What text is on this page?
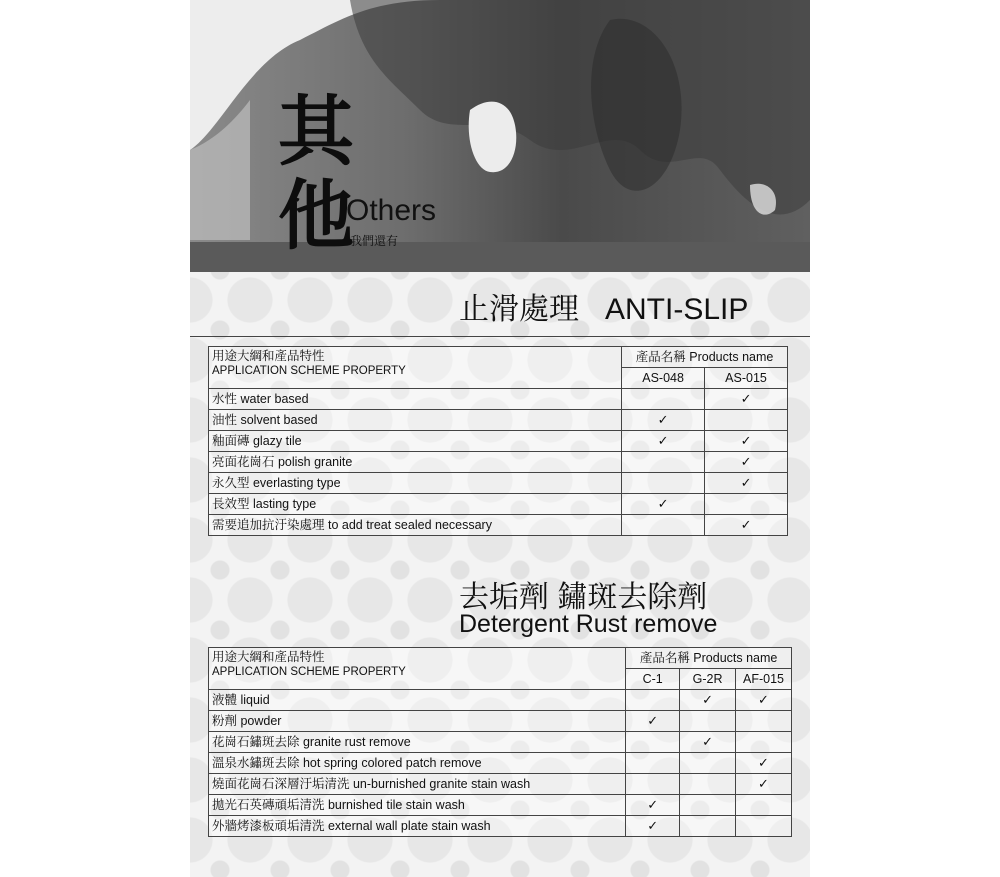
其
他
Others
我們還有
止滑處理 ANTI-SLIP
用途大綱和產品特性
APPLICATION SCHEME PROPERTY	產品名稱 Products name	
	AS-048	AS-015
水性 water based		✓
油性 solvent based	✓	
釉面磚 glazy tile	✓	✓
亮面花崗石 polish granite		✓
永久型 everlasting type		✓
長效型 lasting type	✓	
需要追加抗汙染處理 to add treat sealed necessary		✓
去垢劑 鏽斑去除劑
Detergent Rust remove
用途大綱和產品特性
APPLICATION SCHEME PROPERTY	產品名稱 Products name		
	C-1	G-2R	AF-015
液體 liquid		✓	✓
粉劑 powder	✓		
花崗石鏽斑去除 granite rust remove		✓	
溫泉水鏽斑去除 hot spring colored patch remove			✓
燒面花崗石深層汙垢清洗 un-burnished granite stain wash			✓
拋光石英磚頑垢清洗 burnished tile stain wash	✓		
外牆烤漆板頑垢清洗 external wall plate stain wash	✓		
